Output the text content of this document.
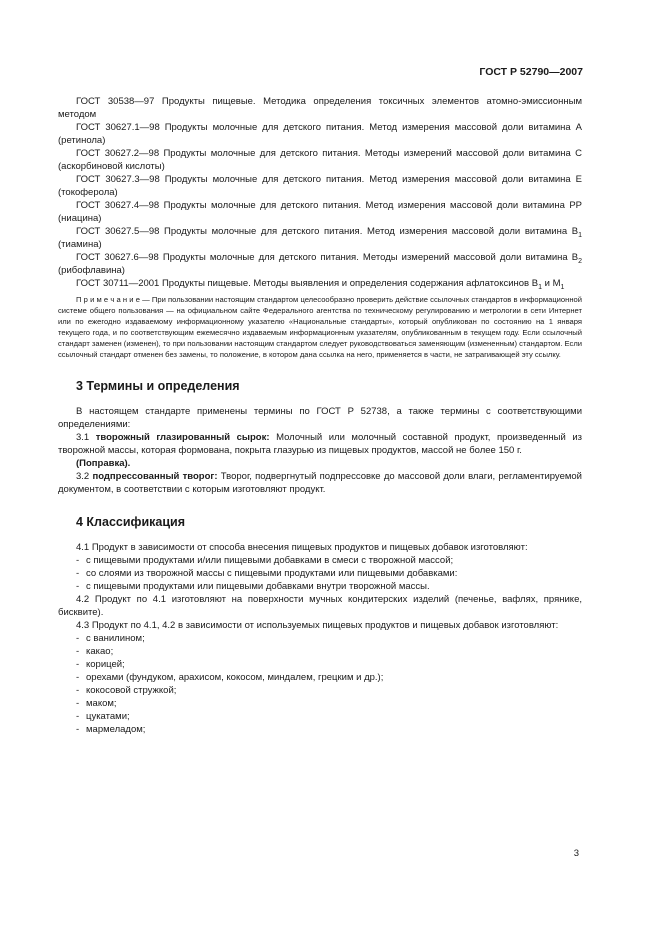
ГОСТ Р 52790—2007

ГОСТ 30538—97 Продукты пищевые. Методика определения токсичных элементов атомно-эмиссионным методом

ГОСТ 30627.1—98 Продукты молочные для детского питания. Метод измерения массовой доли витамина А (ретинола)

ГОСТ 30627.2—98 Продукты молочные для детского питания. Методы измерений массовой доли витамина С (аскорбиновой кислоты)

ГОСТ 30627.3—98 Продукты молочные для детского питания. Метод измерения массовой доли витамина Е (токоферола)

ГОСТ 30627.4—98 Продукты молочные для детского питания. Метод измерения массовой доли витамина РР (ниацина)

ГОСТ 30627.5—98 Продукты молочные для детского питания. Метод измерения массовой доли витамина $В_1$ (тиамина)

ГОСТ 30627.6—98 Продукты молочные для детского питания. Методы измерений массовой доли витамина $В_2$ (рибофлавина)

ГОСТ 30711—2001 Продукты пищевые. Методы выявления и определения содержания афлатоксинов $В_1$ и $М_1$

П р и м е ч а н и е — При пользовании настоящим стандартом целесообразно проверить действие ссылочных стандартов в информационной системе общего пользования — на официальном сайте Федерального агентства по техническому регулированию и метрологии в сети Интернет или по ежегодно издаваемому информационному указателю «Национальные стандарты», который опубликован по состоянию на 1 января текущего года, и по соответствующим ежемесячно издаваемым информационным указателям, опубликованным в текущем году. Если ссылочный стандарт заменен (изменен), то при пользовании настоящим стандартом следует руководствоваться заменяющим (измененным) стандартом. Если ссылочный стандарт отменен без замены, то положение, в котором дана ссылка на него, применяется в части, не затрагивающей эту ссылку.

3 Термины и определения

В настоящем стандарте применены термины по ГОСТ Р 52738, а также термины с соответствующими определениями:

3.1 творожный глазированный сырок: Молочный или молочный составной продукт, произведенный из творожной массы, которая формована, покрыта глазурью из пищевых продуктов, массой не более 150 г.

(Поправка).

3.2 подпрессованный творог: Творог, подвергнутый подпрессовке до массовой доли влаги, регламентируемой документом, в соответствии с которым изготовляют продукт.

4 Классификация

4.1 Продукт в зависимости от способа внесения пищевых продуктов и пищевых добавок изготовляют:

- с пищевыми продуктами и/или пищевыми добавками в смеси с творожной массой;
- со слоями из творожной массы с пищевыми продуктами или пищевыми добавками:
- с пищевыми продуктами или пищевыми добавками внутри творожной массы.

4.2 Продукт по 4.1 изготовляют на поверхности мучных кондитерских изделий (печенье, вафлях, прянике, бисквите).

4.3 Продукт по 4.1, 4.2 в зависимости от используемых пищевых продуктов и пищевых добавок изготовляют:

- с ванилином;
- какао;
- корицей;
- орехами (фундуком, арахисом, кокосом, миндалем, грецким и др.);
- кокосовой стружкой;
- маком;
- цукатами;
- мармеладом;
3
